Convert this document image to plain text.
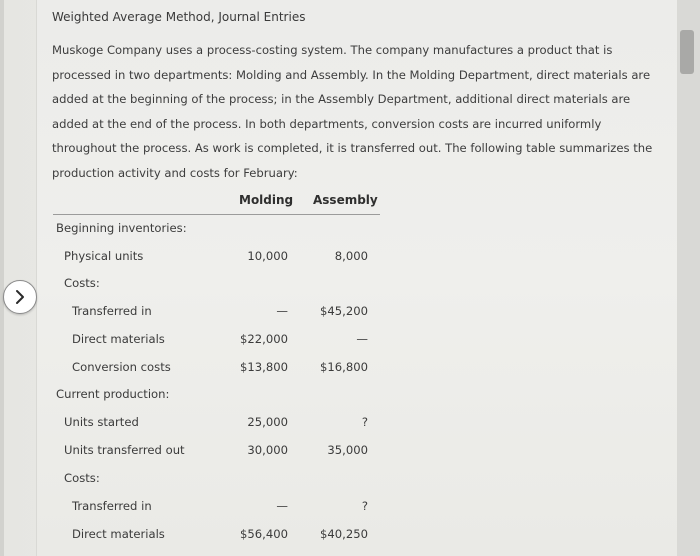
Weighted Average Method, Journal Entries
Muskoge Company uses a process-costing system. The company manufactures a product that is
processed in two departments: Molding and Assembly. In the Molding Department, direct materials are
added at the beginning of the process; in the Assembly Department, additional direct materials are
added at the end of the process. In both departments, conversion costs are incurred uniformly
throughout the process. As work is completed, it is transferred out. The following table summarizes the
production activity and costs for February:
Molding Assembly
Beginning inventories:
Physical units	10,000	8,000
Costs:
Transferred in	—	$45,200
Direct materials	$22,000	—
Conversion costs	$13,800	$16,800
Current production:
Units started	25,000	?
Units transferred out	30,000	35,000
Costs:
Transferred in	—	?
Direct materials	$56,400	$40,250
